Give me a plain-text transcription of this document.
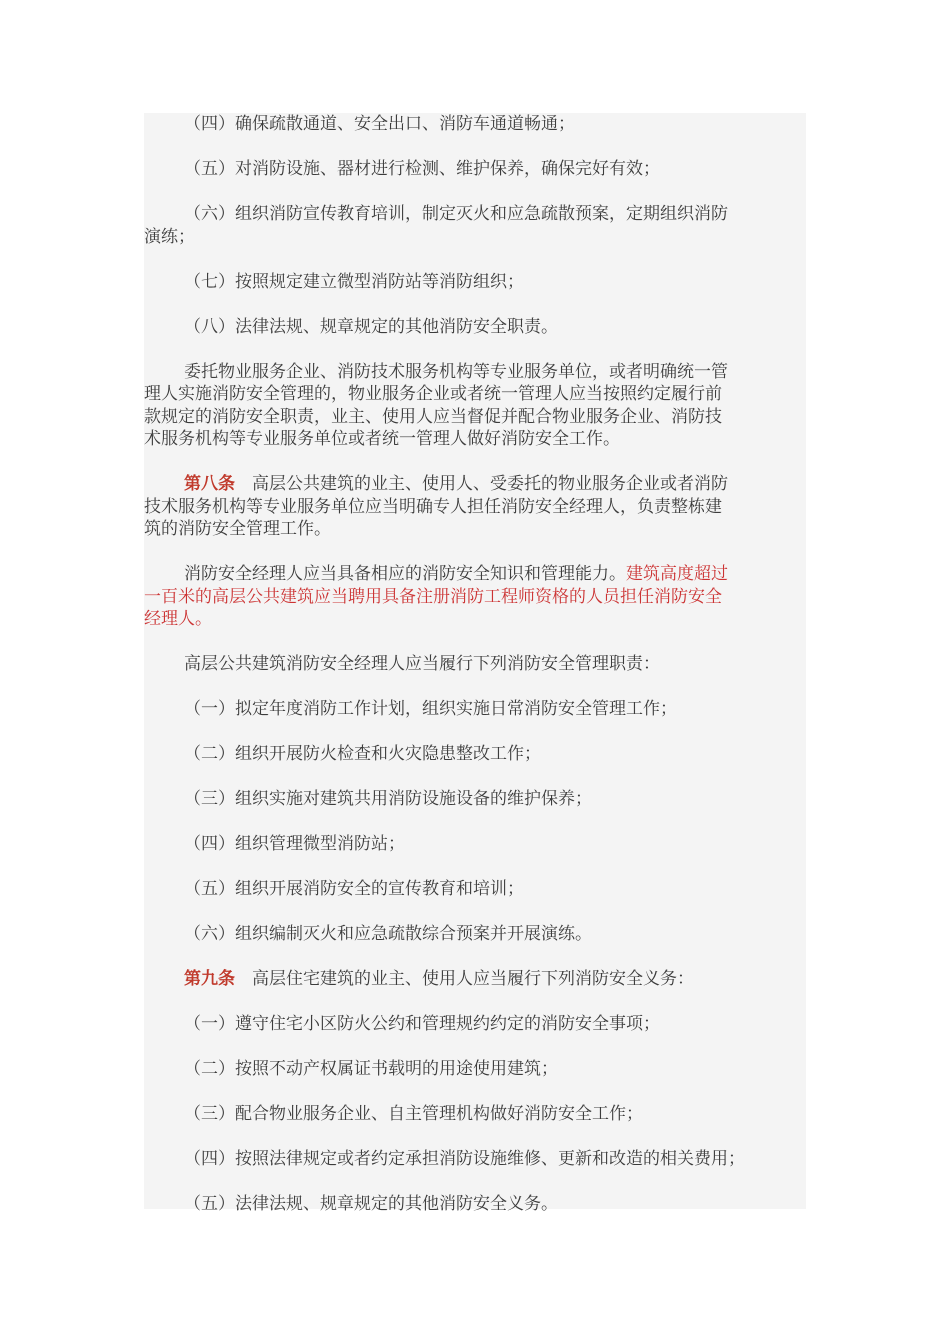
（四）确保疏散通道、安全出口、消防车通道畅通；

（五）对消防设施、器材进行检测、维护保养，确保完好有效；

（六）组织消防宣传教育培训，制定灭火和应急疏散预案，定期组织消防
演练；

（七）按照规定建立微型消防站等消防组织；

（八）法律法规、规章规定的其他消防安全职责。

委托物业服务企业、消防技术服务机构等专业服务单位，或者明确统一管
理人实施消防安全管理的，物业服务企业或者统一管理人应当按照约定履行前
款规定的消防安全职责，业主、使用人应当督促并配合物业服务企业、消防技
术服务机构等专业服务单位或者统一管理人做好消防安全工作。

第八条　 高层公共建筑的业主、使用人、受委托的物业服务企业或者消防
技术服务机构等专业服务单位应当明确专人担任消防安全经理人，负责整栋建
筑的消防安全管理工作。

消防安全经理人应当具备相应的消防安全知识和管理能力。建筑高度超过
一百米的高层公共建筑应当聘用具备注册消防工程师资格的人员担任消防安全
经理人。

高层公共建筑消防安全经理人应当履行下列消防安全管理职责：

（一）拟定年度消防工作计划，组织实施日常消防安全管理工作；

（二）组织开展防火检查和火灾隐患整改工作；

（三）组织实施对建筑共用消防设施设备的维护保养；

（四）组织管理微型消防站；

（五）组织开展消防安全的宣传教育和培训；

（六）组织编制灭火和应急疏散综合预案并开展演练。

第九条　 高层住宅建筑的业主、使用人应当履行下列消防安全义务：

（一）遵守住宅小区防火公约和管理规约约定的消防安全事项；

（二）按照不动产权属证书载明的用途使用建筑；

（三）配合物业服务企业、自主管理机构做好消防安全工作；

（四）按照法律规定或者约定承担消防设施维修、更新和改造的相关费用；

（五）法律法规、规章规定的其他消防安全义务。
